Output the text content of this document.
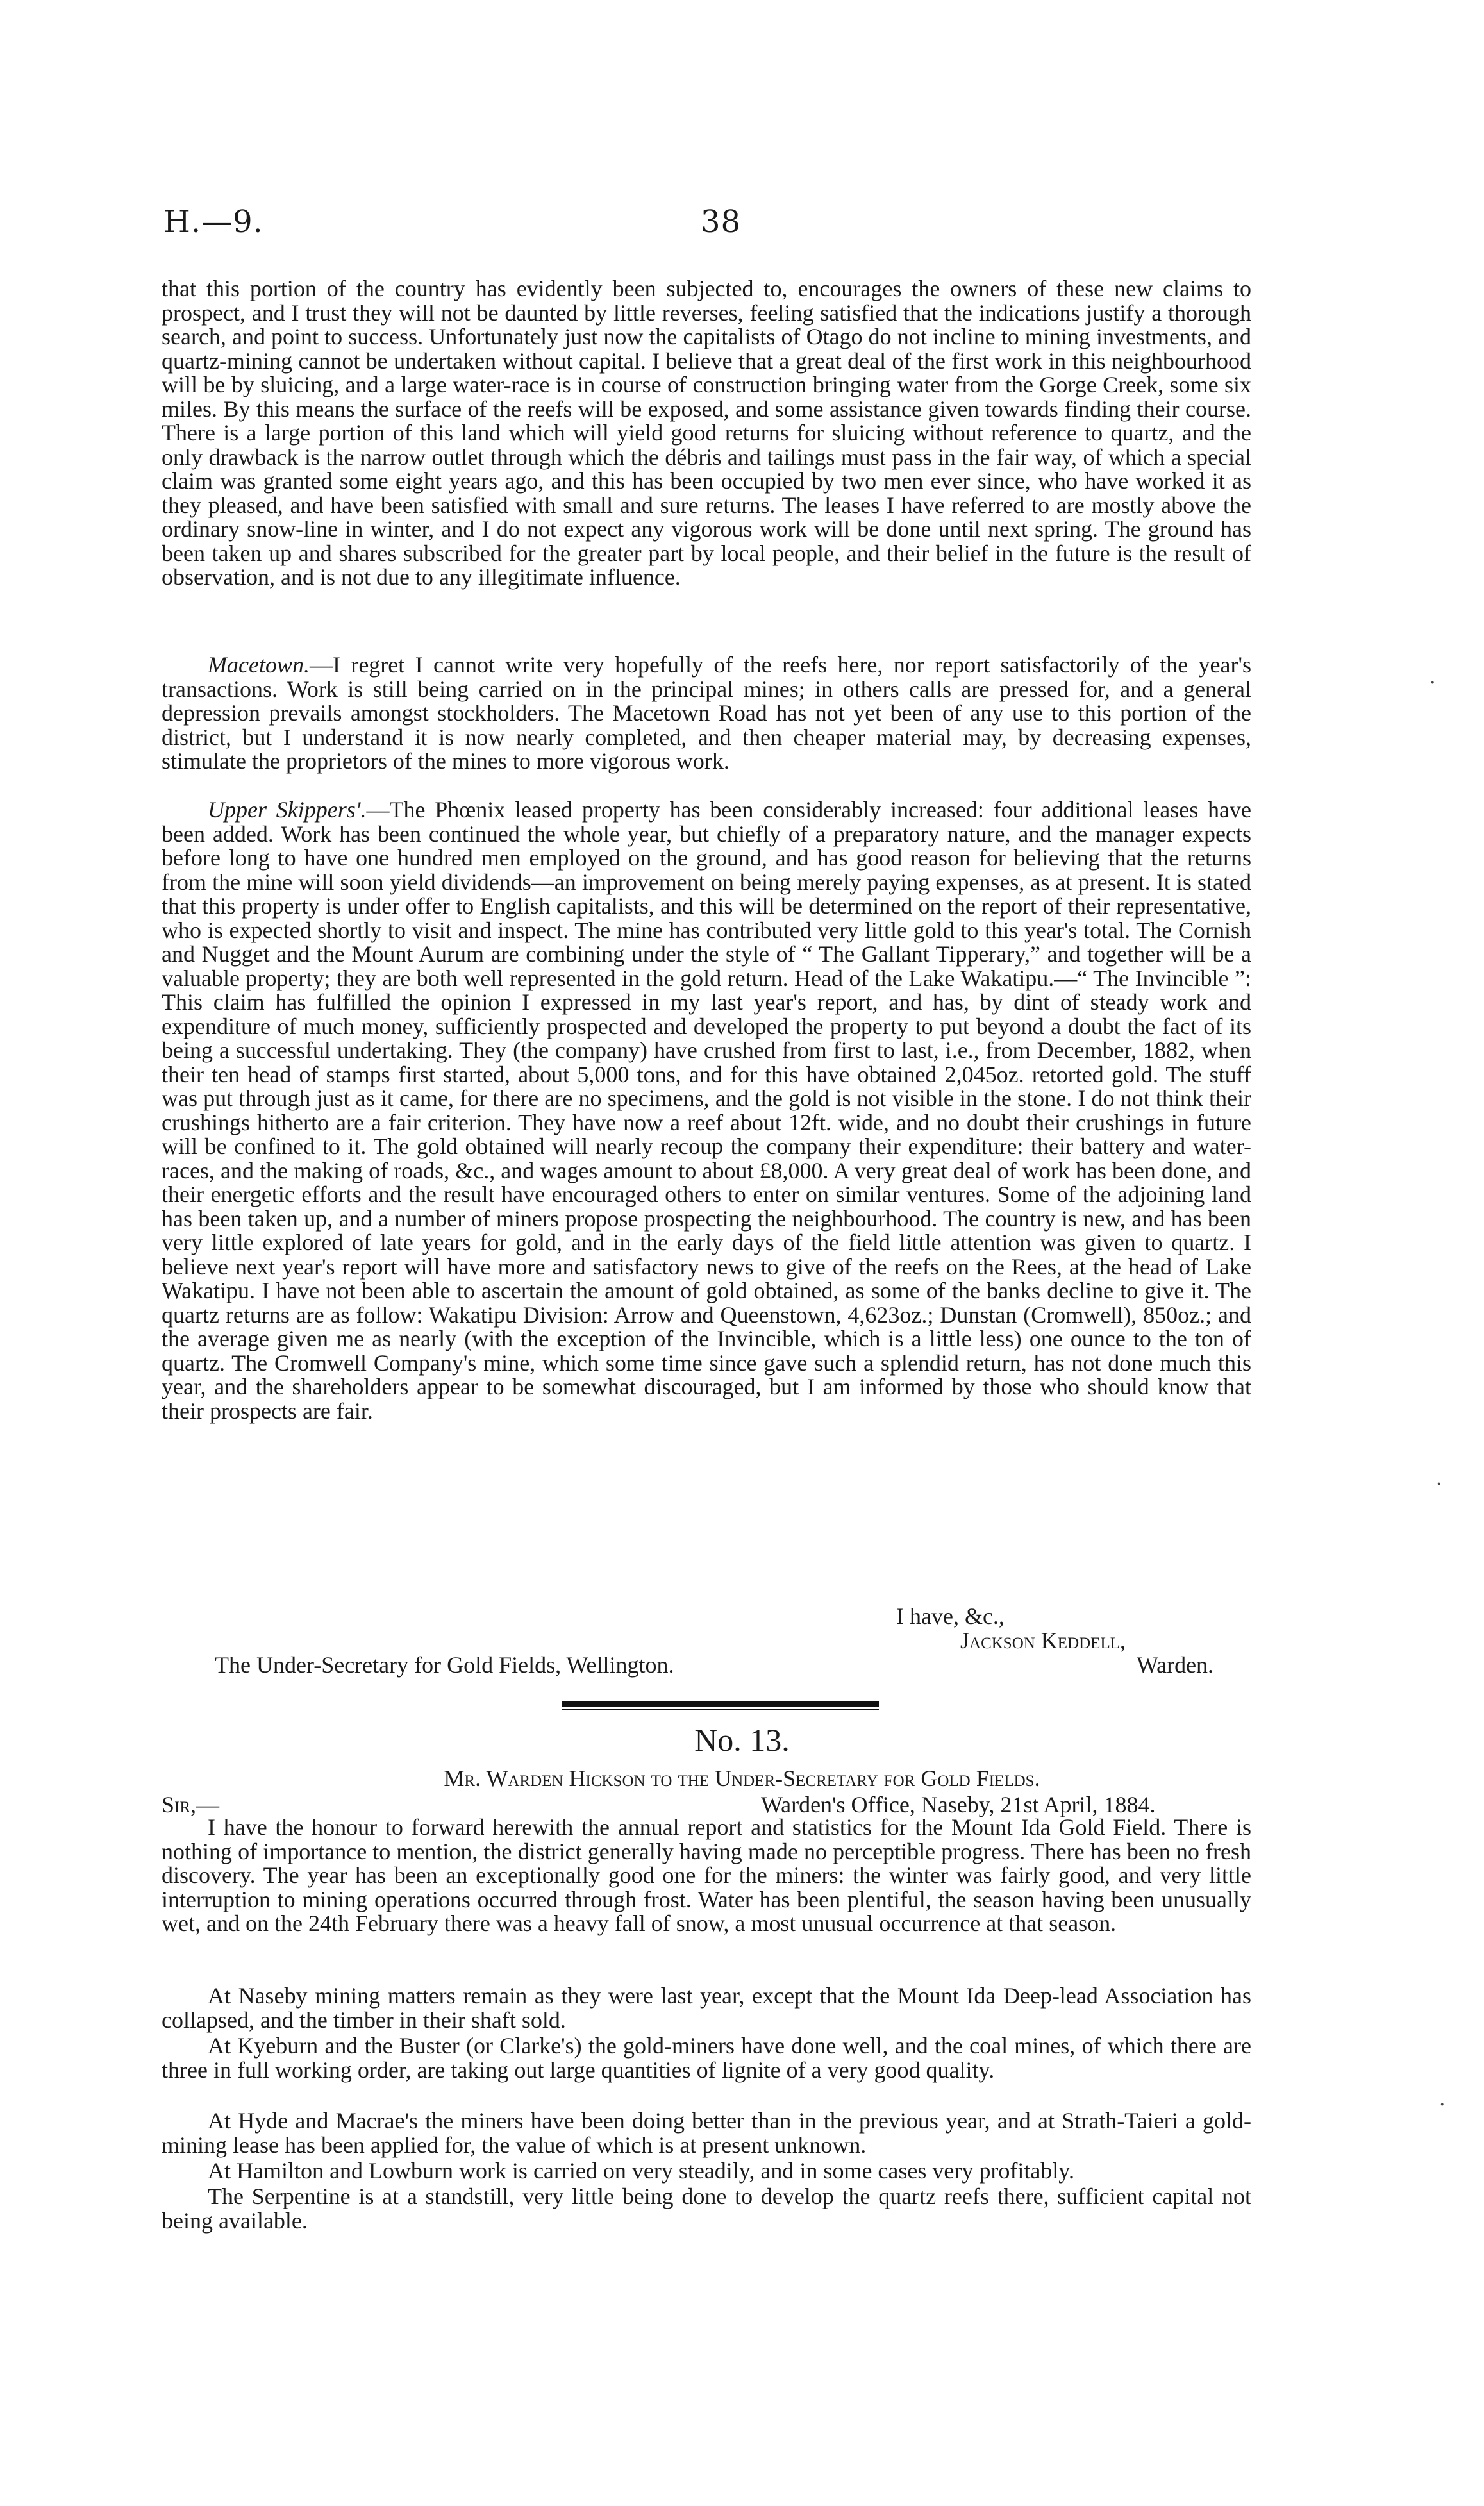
H.—9.	38

that this portion of the country has evidently been subjected to, encourages the owners of these new claims to prospect, and I trust they will not be daunted by little reverses, feeling satisfied that the indications justify a thorough search, and point to success. Unfortunately just now the capitalists of Otago do not incline to mining investments, and quartz-mining cannot be undertaken without capital. I believe that a great deal of the first work in this neighbourhood will be by sluicing, and a large water-race is in course of construction bringing water from the Gorge Creek, some six miles. By this means the surface of the reefs will be exposed, and some assistance given towards finding their course. There is a large portion of this land which will yield good returns for sluicing without reference to quartz, and the only drawback is the narrow outlet through which the débris and tailings must pass in the fair way, of which a special claim was granted some eight years ago, and this has been occupied by two men ever since, who have worked it as they pleased, and have been satisfied with small and sure returns. The leases I have referred to are mostly above the ordinary snow-line in winter, and I do not expect any vigorous work will be done until next spring. The ground has been taken up and shares subscribed for the greater part by local people, and their belief in the future is the result of observation, and is not due to any illegitimate influence.

Macetown.—I regret I cannot write very hopefully of the reefs here, nor report satisfactorily of the year's transactions. Work is still being carried on in the principal mines; in others calls are pressed for, and a general depression prevails amongst stockholders. The Macetown Road has not yet been of any use to this portion of the district, but I understand it is now nearly completed, and then cheaper material may, by decreasing expenses, stimulate the proprietors of the mines to more vigorous work.

Upper Skippers'.—The Phœnix leased property has been considerably increased: four additional leases have been added. Work has been continued the whole year, but chiefly of a preparatory nature, and the manager expects before long to have one hundred men employed on the ground, and has good reason for believing that the returns from the mine will soon yield dividends—an improvement on being merely paying expenses, as at present. It is stated that this property is under offer to English capitalists, and this will be determined on the report of their representative, who is expected shortly to visit and inspect. The mine has contributed very little gold to this year's total. The Cornish and Nugget and the Mount Aurum are combining under the style of “ The Gallant Tipperary,” and together will be a valuable property; they are both well represented in the gold return. Head of the Lake Wakatipu.—“ The Invincible ”: This claim has fulfilled the opinion I expressed in my last year's report, and has, by dint of steady work and expenditure of much money, sufficiently prospected and developed the property to put beyond a doubt the fact of its being a successful undertaking. They (the company) have crushed from first to last, i.e., from December, 1882, when their ten head of stamps first started, about 5,000 tons, and for this have obtained 2,045oz. retorted gold. The stuff was put through just as it came, for there are no specimens, and the gold is not visible in the stone. I do not think their crushings hitherto are a fair criterion. They have now a reef about 12ft. wide, and no doubt their crushings in future will be confined to it. The gold obtained will nearly recoup the company their expenditure: their battery and water-races, and the making of roads, &c., and wages amount to about £8,000. A very great deal of work has been done, and their energetic efforts and the result have encouraged others to enter on similar ventures. Some of the adjoining land has been taken up, and a number of miners propose prospecting the neighbourhood. The country is new, and has been very little explored of late years for gold, and in the early days of the field little attention was given to quartz. I believe next year's report will have more and satisfactory news to give of the reefs on the Rees, at the head of Lake Wakatipu. I have not been able to ascertain the amount of gold obtained, as some of the banks decline to give it. The quartz returns are as follow: Wakatipu Division: Arrow and Queenstown, 4,623oz.; Dunstan (Cromwell), 850oz.; and the average given me as nearly (with the exception of the Invincible, which is a little less) one ounce to the ton of quartz. The Cromwell Company's mine, which some time since gave such a splendid return, has not done much this year, and the shareholders appear to be somewhat discouraged, but I am informed by those who should know that their prospects are fair.

I have, &c.,
Jackson Keddell,
The Under-Secretary for Gold Fields, Wellington.	Warden.
No. 13.
Mr. Warden Hickson to the Under-Secretary for Gold Fields.
Sir,—	Warden's Office, Naseby, 21st April, 1884.

I have the honour to forward herewith the annual report and statistics for the Mount Ida Gold Field. There is nothing of importance to mention, the district generally having made no perceptible progress. There has been no fresh discovery. The year has been an exceptionally good one for the miners: the winter was fairly good, and very little interruption to mining operations occurred through frost. Water has been plentiful, the season having been unusually wet, and on the 24th February there was a heavy fall of snow, a most unusual occurrence at that season.

At Naseby mining matters remain as they were last year, except that the Mount Ida Deep-lead Association has collapsed, and the timber in their shaft sold.

At Kyeburn and the Buster (or Clarke's) the gold-miners have done well, and the coal mines, of which there are three in full working order, are taking out large quantities of lignite of a very good quality.

At Hyde and Macrae's the miners have been doing better than in the previous year, and at Strath-Taieri a gold-mining lease has been applied for, the value of which is at present unknown.

At Hamilton and Lowburn work is carried on very steadily, and in some cases very profitably.

The Serpentine is at a standstill, very little being done to develop the quartz reefs there, sufficient capital not being available.

·
·
·
